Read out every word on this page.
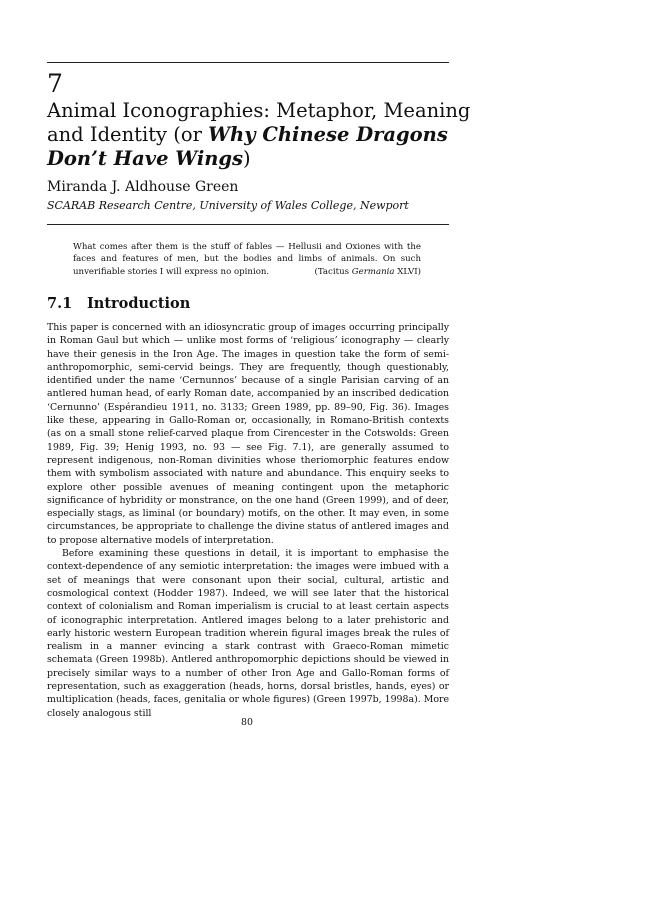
7
Animal Iconographies: Metaphor, Meaning
and Identity (or Why Chinese Dragons
Don’t Have Wings)
Miranda J. Aldhouse Green
SCARAB Research Centre, University of Wales College, Newport
What comes after them is the stuff of fables — Hellusii and Oxiones with the faces and features of men, but the bodies and limbs of animals. On such unverifiable stories I will express no opinion.	(Tacitus Germania XLVI)
7.1 Introduction

This paper is concerned with an idiosyncratic group of images occurring principally in Roman Gaul but which — unlike most forms of ‘religious’ iconography — clearly have their genesis in the Iron Age. The images in question take the form of semi-anthropomorphic, semi-cervid beings. They are frequently, though questionably, identified under the name ‘Cernunnos’ because of a single Parisian carving of an antlered human head, of early Roman date, accompanied by an inscribed dedication ‘Cernunno’ (Espérandieu 1911, no. 3133; Green 1989, pp. 89–90, Fig. 36). Images like these, appearing in Gallo-Roman or, occasionally, in Romano-British contexts (as on a small stone relief-carved plaque from Cirencester in the Cotswolds: Green 1989, Fig. 39; Henig 1993, no. 93 — see Fig. 7.1), are generally assumed to represent indigenous, non-Roman divinities whose theriomorphic features endow them with symbolism associated with nature and abundance. This enquiry seeks to explore other possible avenues of meaning contingent upon the metaphoric significance of hybridity or monstrance, on the one hand (Green 1999), and of deer, especially stags, as liminal (or boundary) motifs, on the other. It may even, in some circumstances, be appropriate to challenge the divine status of antlered images and to propose alternative models of interpretation.

Before examining these questions in detail, it is important to emphasise the context-dependence of any semiotic interpretation: the images were imbued with a set of meanings that were consonant upon their social, cultural, artistic and cosmological context (Hodder 1987). Indeed, we will see later that the historical context of colonialism and Roman imperialism is crucial to at least certain aspects of iconographic interpretation. Antlered images belong to a later prehistoric and early historic western European tradition wherein figural images break the rules of realism in a manner evincing a stark contrast with Graeco-Roman mimetic schemata (Green 1998b). Antlered anthropomorphic depictions should be viewed in precisely similar ways to a number of other Iron Age and Gallo-Roman forms of representation, such as exaggeration (heads, horns, dorsal bristles, hands, eyes) or multiplication (heads, faces, genitalia or whole figures) (Green 1997b, 1998a). More closely analogous still

80
